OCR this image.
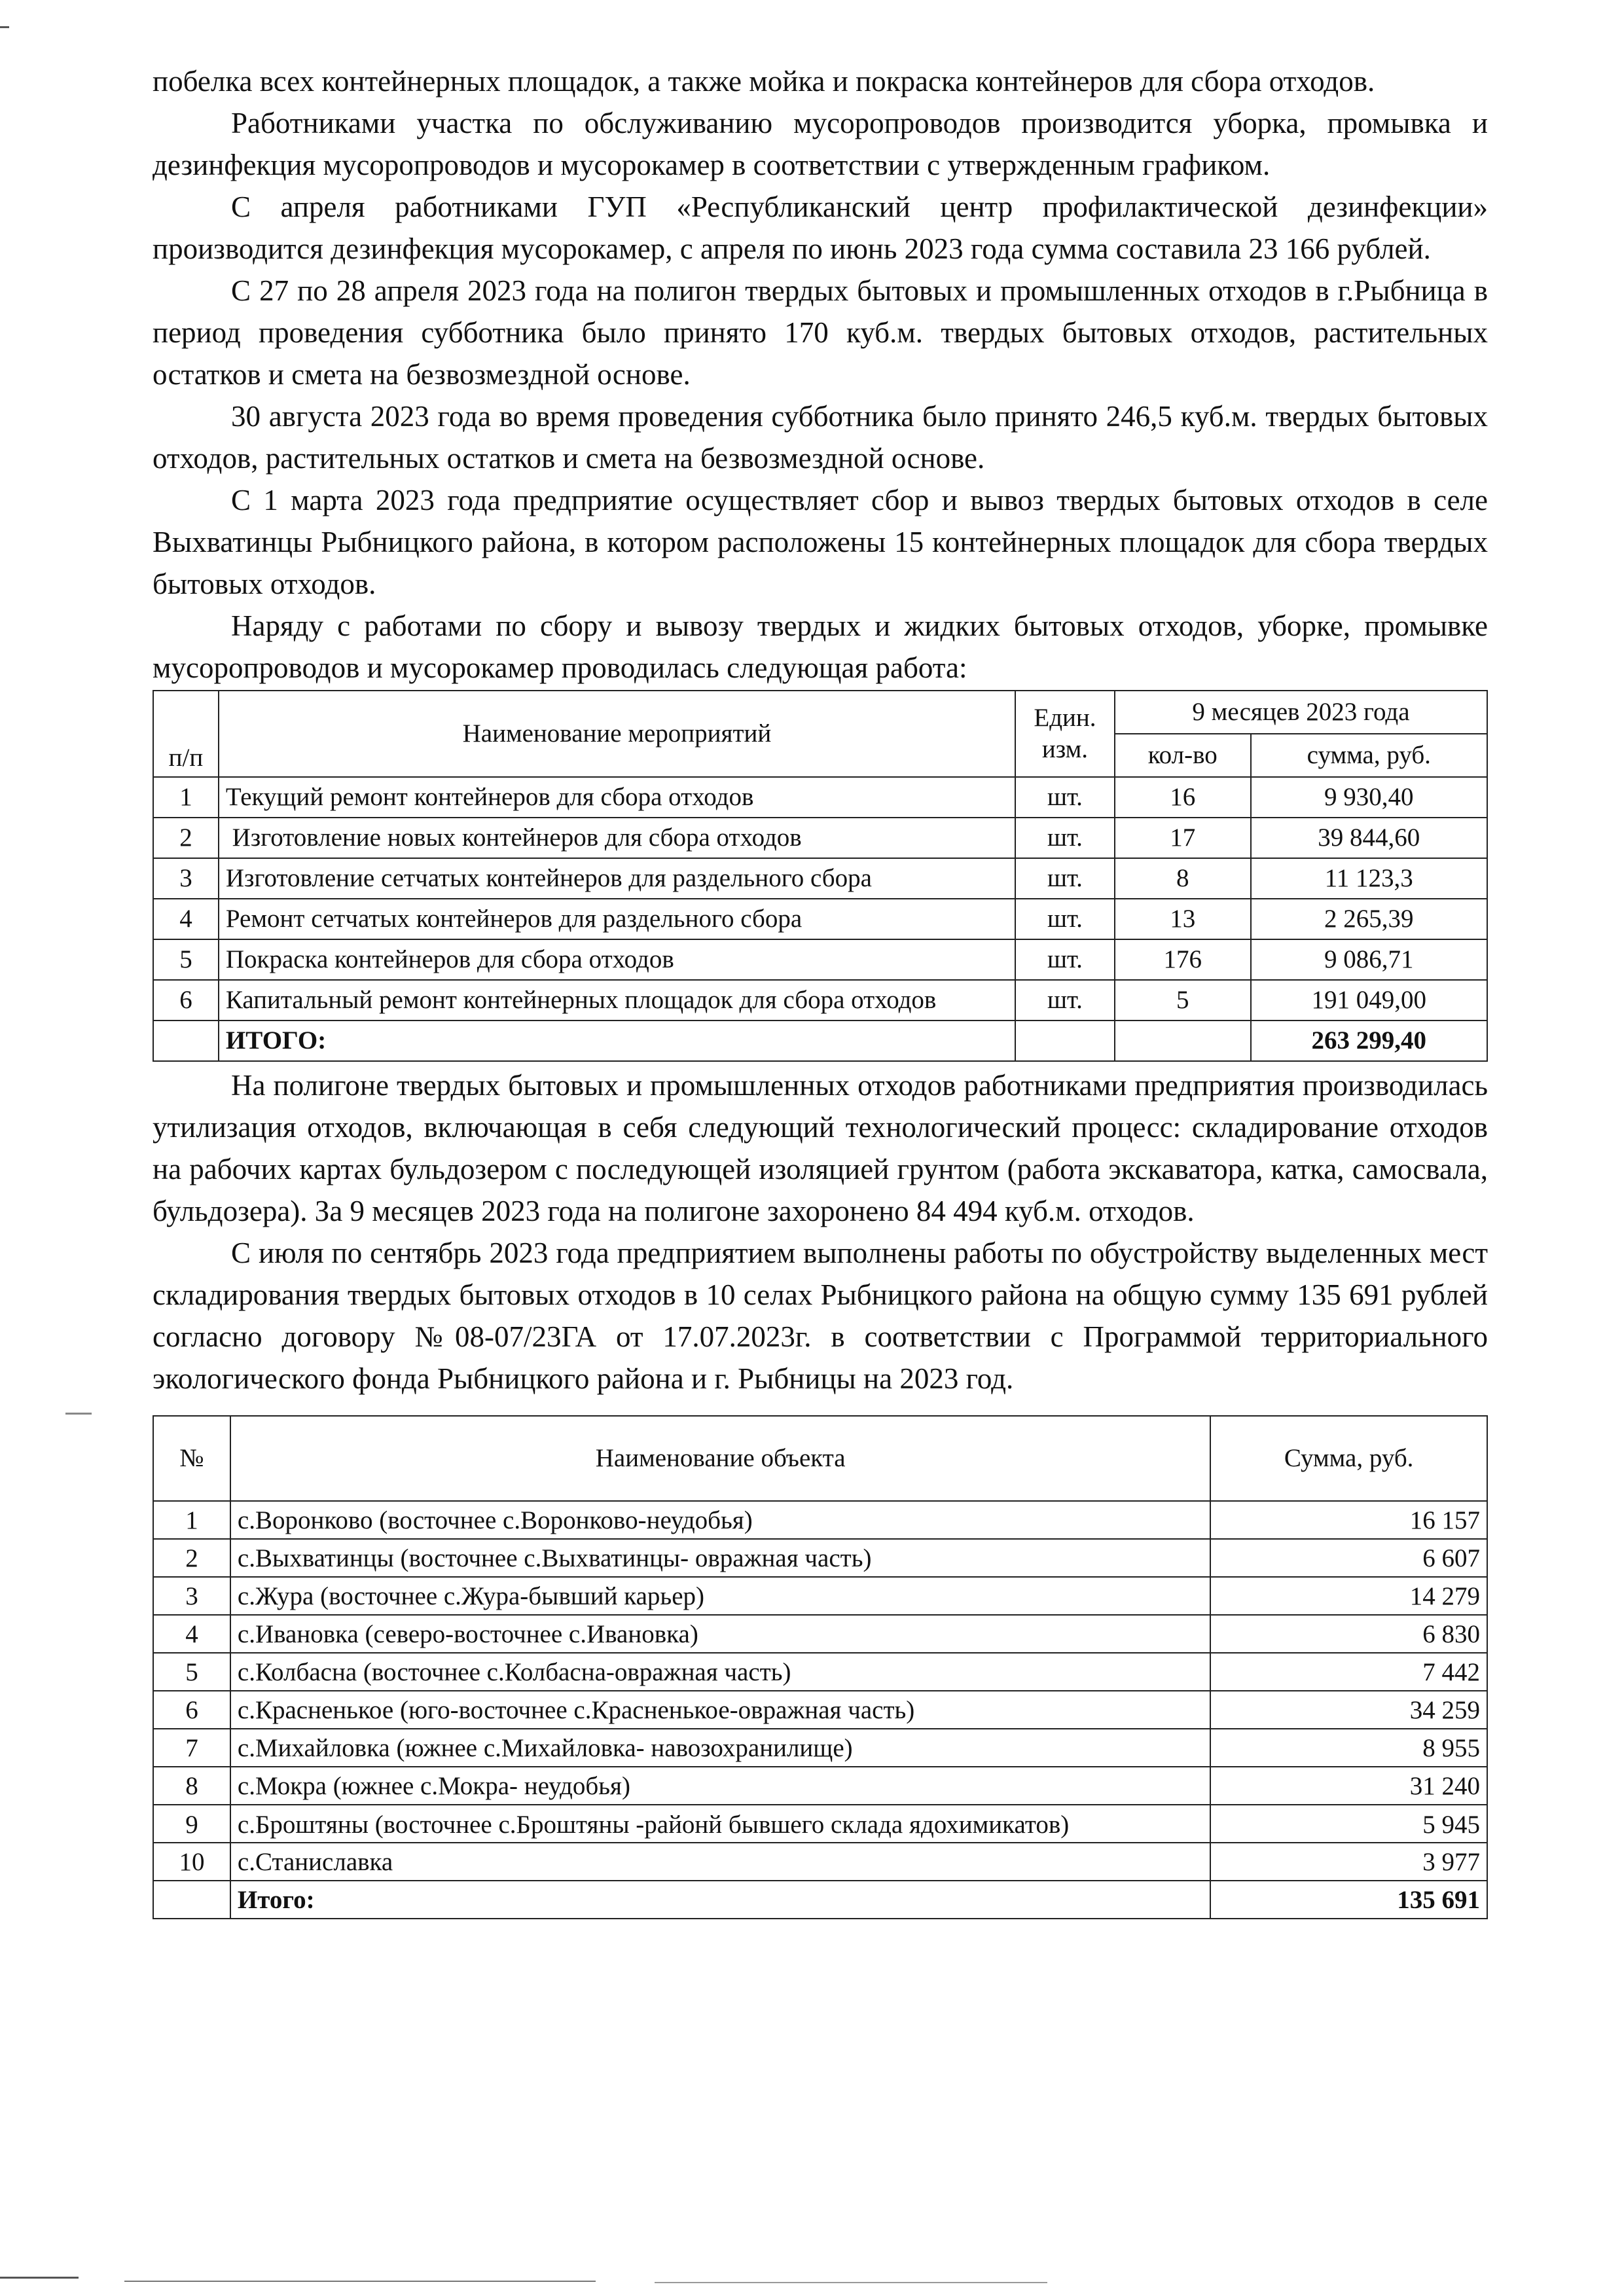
побелка всех контейнерных площадок, а также мойка и покраска контейнеров для сбора отходов.

Работниками участка по обслуживанию мусоропроводов производится уборка, промывка и дезинфекция мусоропроводов и мусорокамер в соответствии с утвержденным графиком.

С апреля работниками ГУП «Республиканский центр профилактической дезинфекции» производится дезинфекция мусорокамер, с апреля по июнь 2023 года сумма составила 23 166 рублей.

С 27 по 28 апреля 2023 года на полигон твердых бытовых и промышленных отходов в г.Рыбница в период проведения субботника было принято 170 куб.м. твердых бытовых отходов, растительных остатков и смета на безвозмездной основе.

30 августа 2023 года во время проведения субботника было принято 246,5 куб.м. твердых бытовых отходов, растительных остатков и смета на безвозмездной основе.

С 1 марта 2023 года предприятие осуществляет сбор и вывоз твердых бытовых отходов в селе Выхватинцы Рыбницкого района, в котором расположены 15 контейнерных площадок для сбора твердых бытовых отходов.

Наряду с работами по сбору и вывозу твердых и жидких бытовых отходов, уборке, промывке мусоропроводов и мусорокамер проводилась следующая работа:

п/п	Наименование мероприятий	Един. изм.	9 месяцев 2023 года	
			кол-во	сумма, руб.
1	Текущий ремонт контейнеров для сбора отходов	шт.	16	9 930,40
2	Изготовление новых контейнеров для сбора отходов	шт.	17	39 844,60
3	Изготовление сетчатых контейнеров для раздельного сбора	шт.	8	11 123,3
4	Ремонт сетчатых контейнеров для раздельного сбора	шт.	13	2 265,39
5	Покраска контейнеров для сбора отходов	шт.	176	9 086,71
6	Капитальный ремонт контейнерных площадок для сбора отходов	шт.	5	191 049,00
	ИТОГО:			263 299,40

На полигоне твердых бытовых и промышленных отходов работниками предприятия производилась утилизация отходов, включающая в себя следующий технологический процесс: складирование отходов на рабочих картах бульдозером с последующей изоляцией грунтом (работа экскаватора, катка, самосвала, бульдозера). За 9 месяцев 2023 года на полигоне захоронено 84 494 куб.м. отходов.

С июля по сентябрь 2023 года предприятием выполнены работы по обустройству выделенных мест складирования твердых бытовых отходов в 10 селах Рыбницкого района на общую сумму 135 691 рублей согласно договору №08-07/23ГА от 17.07.2023г. в соответствии с Программой территориального экологического фонда Рыбницкого района и г. Рыбницы на 2023 год.

№	Наименование объекта	Сумма, руб.
1	с.Воронково (восточнее с.Воронково-неудобья)	16 157
2	с.Выхватинцы (восточнее с.Выхватинцы- овражная часть)	6 607
3	с.Жура (восточнее с.Жура-бывший карьер)	14 279
4	с.Ивановка (северо-восточнее с.Ивановка)	6 830
5	с.Колбасна (восточнее с.Колбасна-овражная часть)	7 442
6	с.Красненькое (юго-восточнее с.Красненькое-овражная часть)	34 259
7	с.Михайловка (южнее с.Михайловка- навозохранилище)	8 955
8	с.Мокра (южнее с.Мокра- неудобья)	31 240
9	с.Броштяны (восточнее с.Броштяны -районй бывшего склада ядохимикатов)	5 945
10	с.Станиславка	3 977
	Итого:	135 691
